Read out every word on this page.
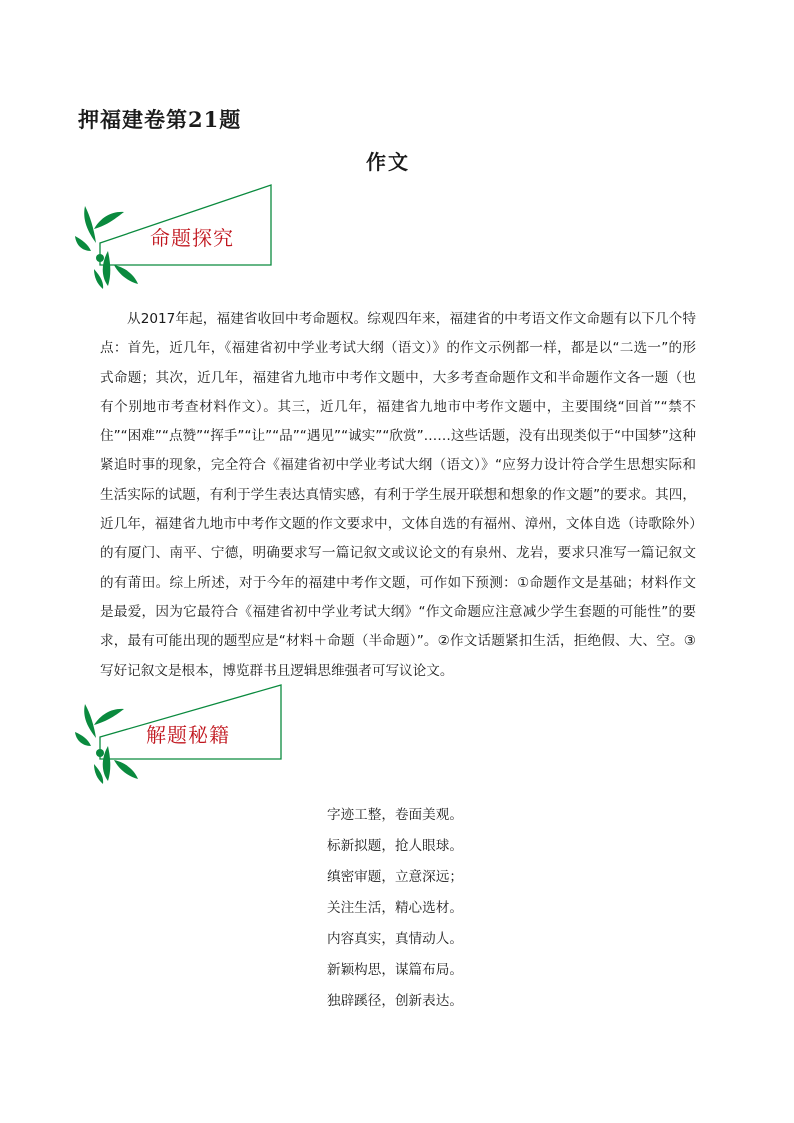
押福建卷第21题
作文
命题探究

从2017年起，福建省收回中考命题权。综观四年来，福建省的中考语文作文命题有以下几个特点：首先，近几年，《福建省初中学业考试大纲（语文）》的作文示例都一样，都是以“二选一”的形式命题；其次，近几年，福建省九地市中考作文题中，大多考查命题作文和半命题作文各一题（也有个别地市考查材料作文）。其三，近几年，福建省九地市中考作文题中，主要围绕“回首”“禁不住”“困难”“点赞”“挥手”“让”“品”“遇见”“诚实”“欣赏”……这些话题，没有出现类似于“中国梦”这种紧追时事的现象，完全符合《福建省初中学业考试大纲（语文）》“应努力设计符合学生思想实际和生活实际的试题，有利于学生表达真情实感，有利于学生展开联想和想象的作文题”的要求。其四，近几年，福建省九地市中考作文题的作文要求中，文体自选的有福州、漳州，文体自选（诗歌除外）的有厦门、南平、宁德，明确要求写一篇记叙文或议论文的有泉州、龙岩，要求只准写一篇记叙文的有莆田。综上所述，对于今年的福建中考作文题，可作如下预测：①命题作文是基础；材料作文是最爱，因为它最符合《福建省初中学业考试大纲》“作文命题应注意减少学生套题的可能性”的要求，最有可能出现的题型应是“材料＋命题（半命题）”。②作文话题紧扣生活，拒绝假、大、空。③写好记叙文是根本，博览群书且逻辑思维强者可写议论文。

解题秘籍
字迹工整，卷面美观。
标新拟题，抢人眼球。
缜密审题，立意深远；
关注生活，精心选材。
内容真实，真情动人。
新颖构思，谋篇布局。
独辟蹊径，创新表达。
